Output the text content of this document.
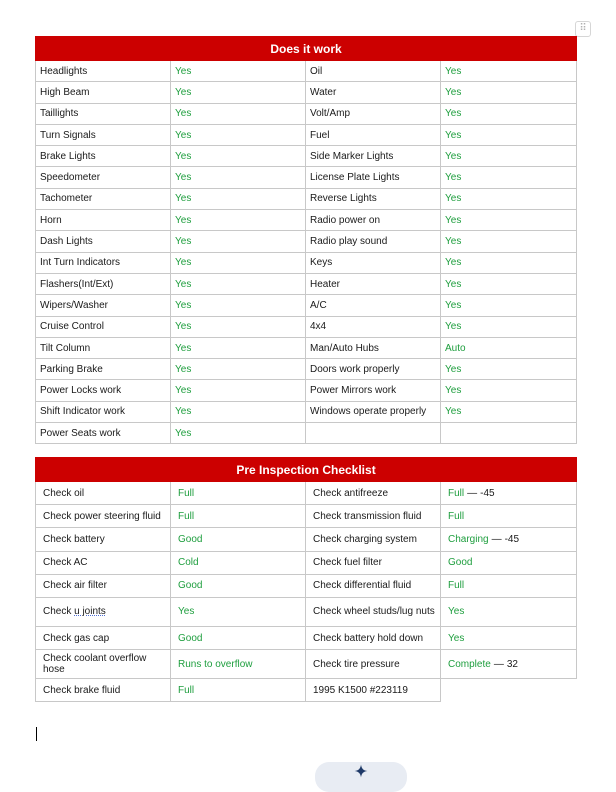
⠿
Does it work			
Headlights	Yes	Oil	Yes
High Beam	Yes	Water	Yes
Taillights	Yes	Volt/Amp	Yes
Turn Signals	Yes	Fuel	Yes
Brake Lights	Yes	Side Marker Lights	Yes
Speedometer	Yes	License Plate Lights	Yes
Tachometer	Yes	Reverse Lights	Yes
Horn	Yes	Radio power on	Yes
Dash Lights	Yes	Radio play sound	Yes
Int Turn Indicators	Yes	Keys	Yes
Flashers(Int/Ext)	Yes	Heater	Yes
Wipers/Washer	Yes	A/C	Yes
Cruise Control	Yes	4x4	Yes
Tilt Column	Yes	Man/Auto Hubs	Auto
Parking Brake	Yes	Doors work properly	Yes
Power Locks work	Yes	Power Mirrors work	Yes
Shift Indicator work	Yes	Windows operate properly	Yes
Power Seats work	Yes		
Pre Inspection Checklist			
Check oil	Full	Check antifreeze	Full — -45
Check power steering fluid	Full	Check transmission fluid	Full
Check battery	Good	Check charging system	Charging — -45
Check AC	Cold	Check fuel filter	Good
Check air filter	Good	Check differential fluid	Full
Check u joints	Yes	Check wheel studs/lug nuts	Yes
Check gas cap	Good	Check battery hold down	Yes
Check coolant overflow hose	Runs to overflow	Check tire pressure	Complete — 32
Check brake fluid	Full	1995 K1500 #223119	
